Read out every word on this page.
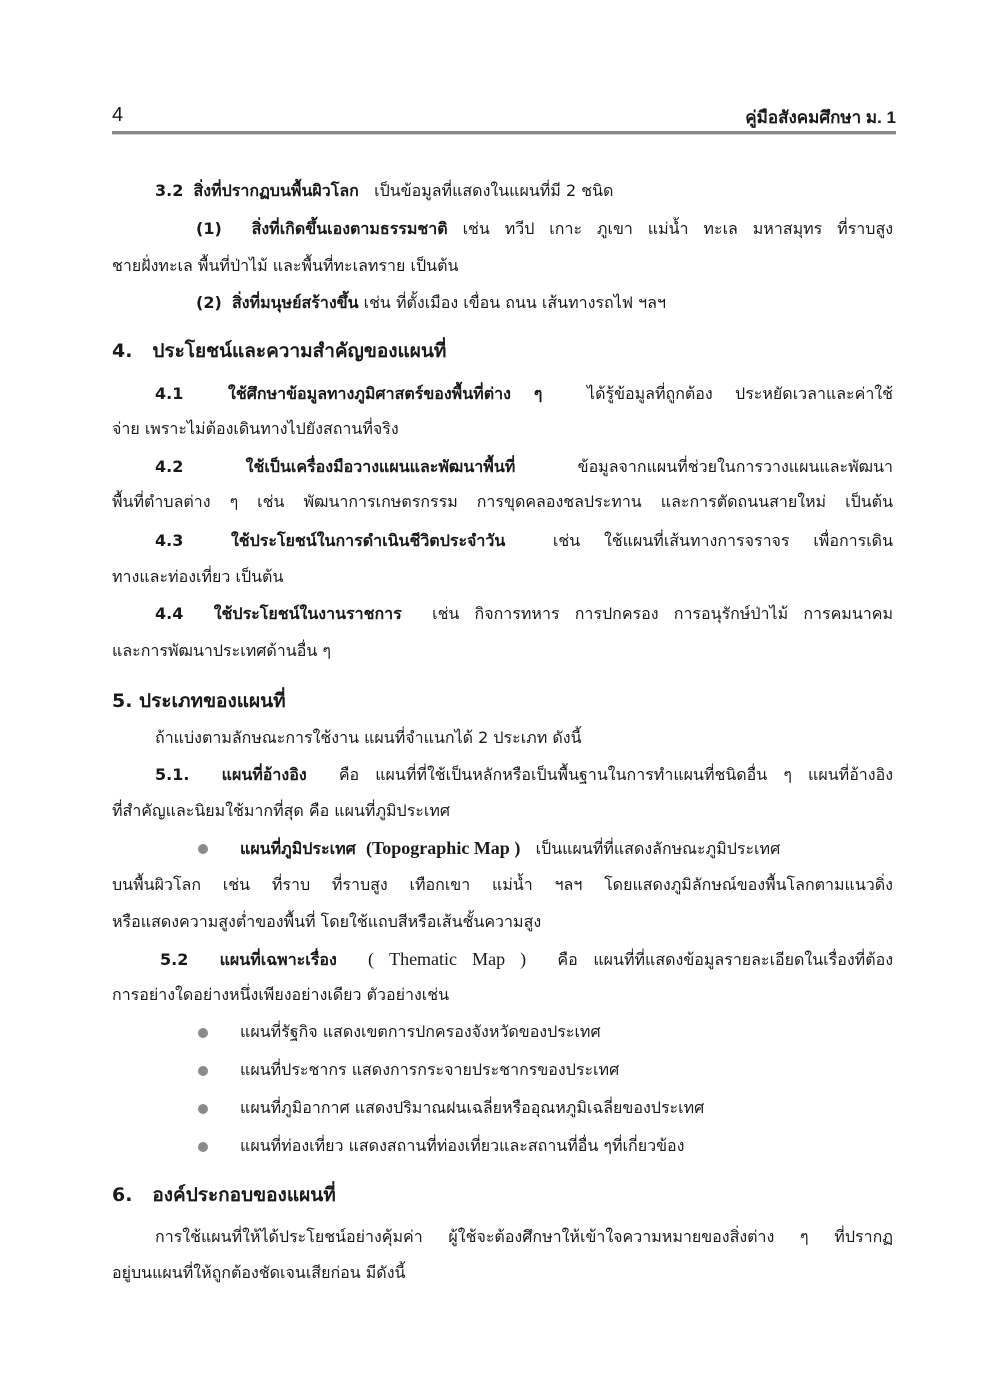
4	คู่มือสังคมศึกษา ม. 1
3.2 สิ่งที่ปรากฏบนพื้นผิวโลก เป็นข้อมูลที่แสดงในแผนที่มี 2 ชนิด
(1) สิ่งที่เกิดขึ้นเองตามธรรมชาติ เช่น ทวีป เกาะ ภูเขา แม่น้ำ ทะเล มหาสมุทร ที่ราบสูง
ชายฝั่งทะเล พื้นที่ป่าไม้ และพื้นที่ทะเลทราย เป็นต้น
(2) สิ่งที่มนุษย์สร้างขึ้น เช่น ที่ตั้งเมือง เขื่อน ถนน เส้นทางรถไฟ ฯลฯ
4. ประโยชน์และความสำคัญของแผนที่
4.1	ใช้ศึกษาข้อมูลทางภูมิศาสตร์ของพื้นที่ต่าง ๆ	ได้รู้ข้อมูลที่ถูกต้อง ประหยัดเวลาและค่าใช้
จ่าย เพราะไม่ต้องเดินทางไปยังสถานที่จริง
4.2	ใช้เป็นเครื่องมือวางแผนและพัฒนาพื้นที่	ข้อมูลจากแผนที่ช่วยในการวางแผนและพัฒนา
พื้นที่ตำบลต่าง ๆ เช่น พัฒนาการเกษตรกรรม การขุดคลองชลประทาน และการตัดถนนสายใหม่ เป็นต้น
4.3	ใช้ประโยชน์ในการดำเนินชีวิตประจำวัน	เช่น ใช้แผนที่เส้นทางการจราจร เพื่อการเดิน
ทางและท่องเที่ยว เป็นต้น
4.4 ใช้ประโยชน์ในงานราชการ เช่น กิจการทหาร การปกครอง การอนุรักษ์ป่าไม้ การคมนาคม
และการพัฒนาประเทศด้านอื่น ๆ
5. ประเภทของแผนที่
ถ้าแบ่งตามลักษณะการใช้งาน แผนที่จำแนกได้ 2 ประเภท ดังนี้
5.1. แผนที่อ้างอิง คือ แผนที่ที่ใช้เป็นหลักหรือเป็นพื้นฐานในการทำแผนที่ชนิดอื่น ๆ แผนที่อ้างอิง
ที่สำคัญและนิยมใช้มากที่สุด คือ แผนที่ภูมิประเทศ
แผนที่ภูมิประเทศ (Topographic Map ) เป็นแผนที่ที่แสดงลักษณะภูมิประเทศ
บนพื้นผิวโลก เช่น ที่ราบ ที่ราบสูง เทือกเขา แม่น้ำ ฯลฯ โดยแสดงภูมิลักษณ์ของพื้นโลกตามแนวดิ่ง
หรือแสดงความสูงต่ำของพื้นที่ โดยใช้แถบสีหรือเส้นชั้นความสูง
5.2 แผนที่เฉพาะเรื่อง ( Thematic Map ) คือ แผนที่ที่แสดงข้อมูลรายละเอียดในเรื่องที่ต้อง
การอย่างใดอย่างหนึ่งเพียงอย่างเดียว ตัวอย่างเช่น
แผนที่รัฐกิจ แสดงเขตการปกครองจังหวัดของประเทศ
แผนที่ประชากร แสดงการกระจายประชากรของประเทศ
แผนที่ภูมิอากาศ แสดงปริมาณฝนเฉลี่ยหรืออุณหภูมิเฉลี่ยของประเทศ
แผนที่ท่องเที่ยว แสดงสถานที่ท่องเที่ยวและสถานที่อื่น ๆที่เกี่ยวข้อง
6. องค์ประกอบของแผนที่
การใช้แผนที่ให้ได้ประโยชน์อย่างคุ้มค่า ผู้ใช้จะต้องศึกษาให้เข้าใจความหมายของสิ่งต่าง ๆ ที่ปรากฏ
อยู่บนแผนที่ให้ถูกต้องชัดเจนเสียก่อน มีดังนี้
